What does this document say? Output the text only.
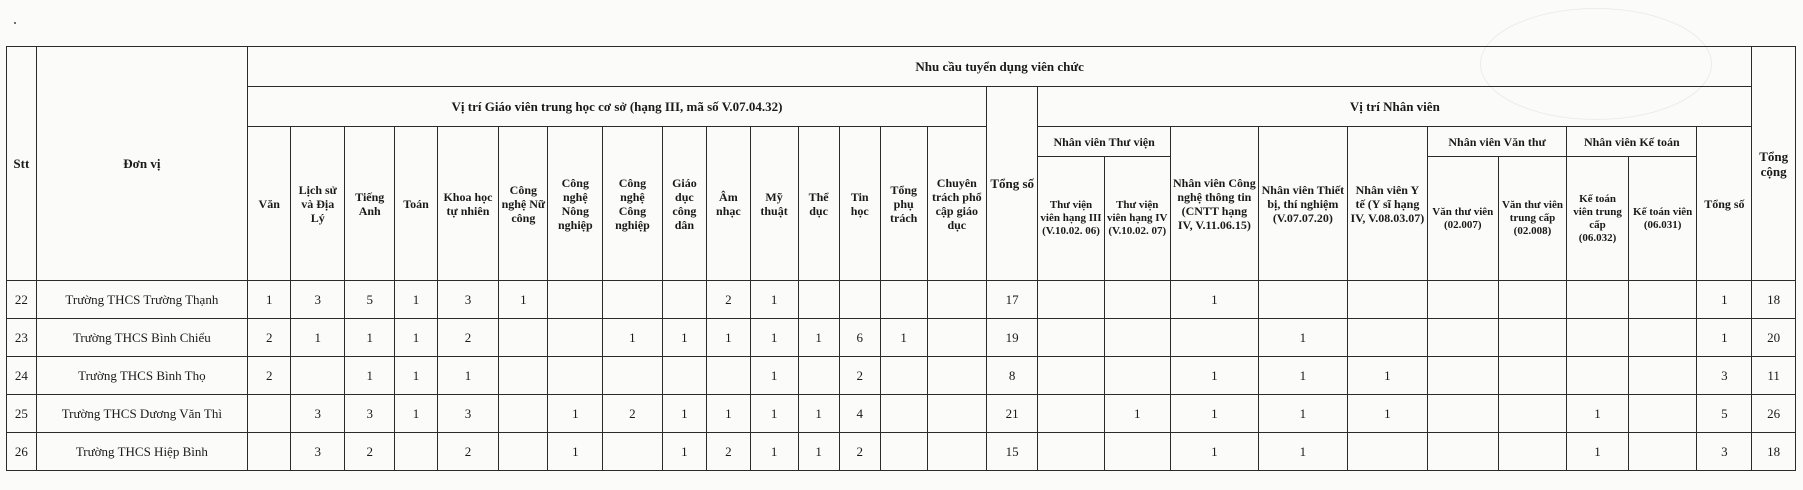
Stt	Đơn vị	Nhu cầu tuyển dụng viên chức																										Tổng cộng
		Vị trí Giáo viên trung học cơ sở (hạng III, mã số V.07.04.32)															Tổng số	Vị trí Nhân viên										
		Văn	Lịch sử và Địa Lý	Tiếng Anh	Toán	Khoa học tự nhiên	Công nghệ Nữ công	Công nghệ Nông nghiệp	Công nghệ Công nghiệp	Giáo dục công dân	Âm nhạc	Mỹ thuật	Thể dục	Tin học	Tổng phụ trách	Chuyên trách phổ cập giáo dục		Nhân viên Thư viện		Nhân viên Công nghệ thông tin (CNTT hạng IV, V.11.06.15)	Nhân viên Thiết bị, thí nghiệm (V.07.07.20)	Nhân viên Y tế (Y sĩ hạng IV, V.08.03.07)	Nhân viên Văn thư		Nhân viên Kế toán		Tổng số	
																		Thư viện viên hạng III (V.10.02. 06)	Thư viện viên hạng IV (V.10.02. 07)				Văn thư viên (02.007)	Văn thư viên trung cấp (02.008)	Kế toán viên trung cấp (06.032)	Kế toán viên (06.031)		
22	Trường THCS Trường Thạnh	1	3	5	1	3	1				2	1					17			1							1	18
23	Trường THCS Bình Chiểu	2	1	1	1	2			1	1	1	1	1	6	1		19				1						1	20
24	Trường THCS Bình Thọ	2		1	1	1						1		2			8			1	1	1					3	11
25	Trường THCS Dương Văn Thì		3	3	1	3		1	2	1	1	1	1	4			21		1	1	1	1			1		5	26
26	Trường THCS Hiệp Bình		3	2		2		1		1	2	1	1	2			15			1	1				1		3	18
